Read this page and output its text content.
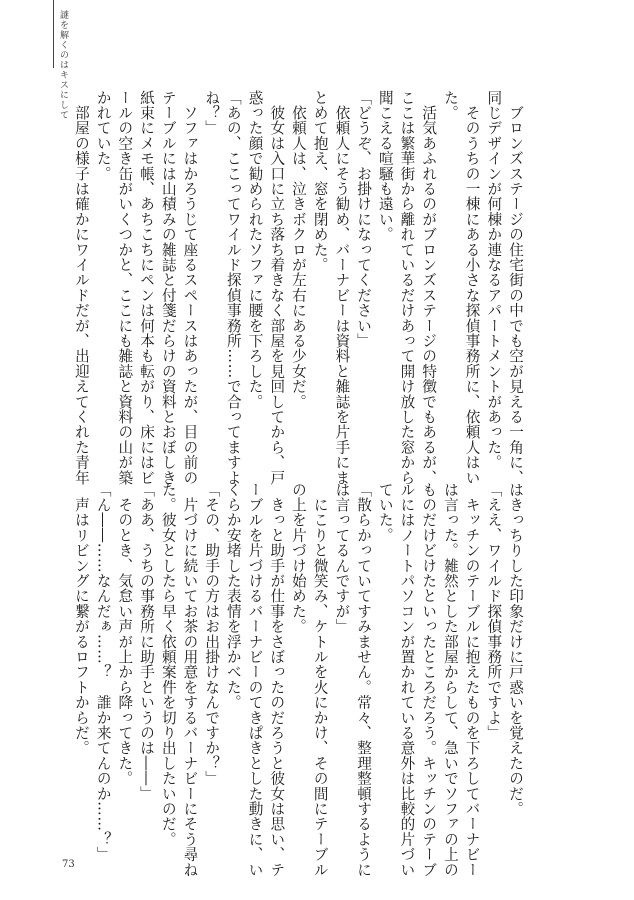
謎を解くのはキスにして
　ブロンズステージの住宅街の中でも空が見える一角に、
同じデザインが何棟か連なるアパートメントがあった。
　そのうちの一棟にある小さな探偵事務所に、依頼人はい
た。
　活気あふれるのがブロンズステージの特徴でもあるが、
ここは繁華街から離れているだけあって開け放した窓から
聞こえる喧騒も遠い。
「どうぞ、お掛けになってください」
　依頼人にそう勧め、バーナビーは資料と雑誌を片手にま
とめて抱え、窓を閉めた。
　依頼人は、泣きボクロが左右にある少女だ。
　彼女は入口に立ち落ち着きなく部屋を見回してから、戸
惑った顔で勧められたソファに腰を下ろした。
「あの、ここってワイルド探偵事務所……で合ってますよ
ね？」
　ソファはかろうじて座るスペースはあったが、目の前の
テーブルには山積みの雑誌と付箋だらけの資料とおぼしき
紙束にメモ帳、あちこちにペンは何本も転がり、床にはビ
ールの空き缶がいくつかと、ここにも雑誌と資料の山が築
かれていた。
　部屋の様子は確かにワイルドだが、出迎えてくれた青年
はきっちりした印象だけに戸惑いを覚えたのだ。
「ええ、ワイルド探偵事務所ですよ」
　キッチンのテーブルに抱えたものを下ろしてバーナビー
は言った。雑然とした部屋からして、急いでソファの上の
ものだけどけたといったところだろう。キッチンのテーブ
ルにはノートパソコンが置かれている意外は比較的片づい
ていた。
「散らかっていてすみません。常々、整理整頓するように
は言ってるんですが」
　にこりと微笑み、ケトルを火にかけ、その間にテーブル
の上を片づけ始めた。
　きっと助手が仕事をさぼったのだろうと彼女は思い、テ
ーブルを片づけるバーナビーのてきぱきとした動きに、い
くらか安堵した表情を浮かべた。
「その、助手の方はお出掛けなんですか？」
　片づけに続いてお茶の用意をするバーナビーにそう尋ね
た。彼女としたら早く依頼案件を切り出したいのだ。
「ああ、うちの事務所に助手というのは――」
　そのとき、気怠い声が上から降ってきた。
「ん――……なんだぁ……？　誰か来てんのか……？」
　声はリビングに繋がるロフトからだ。
73
